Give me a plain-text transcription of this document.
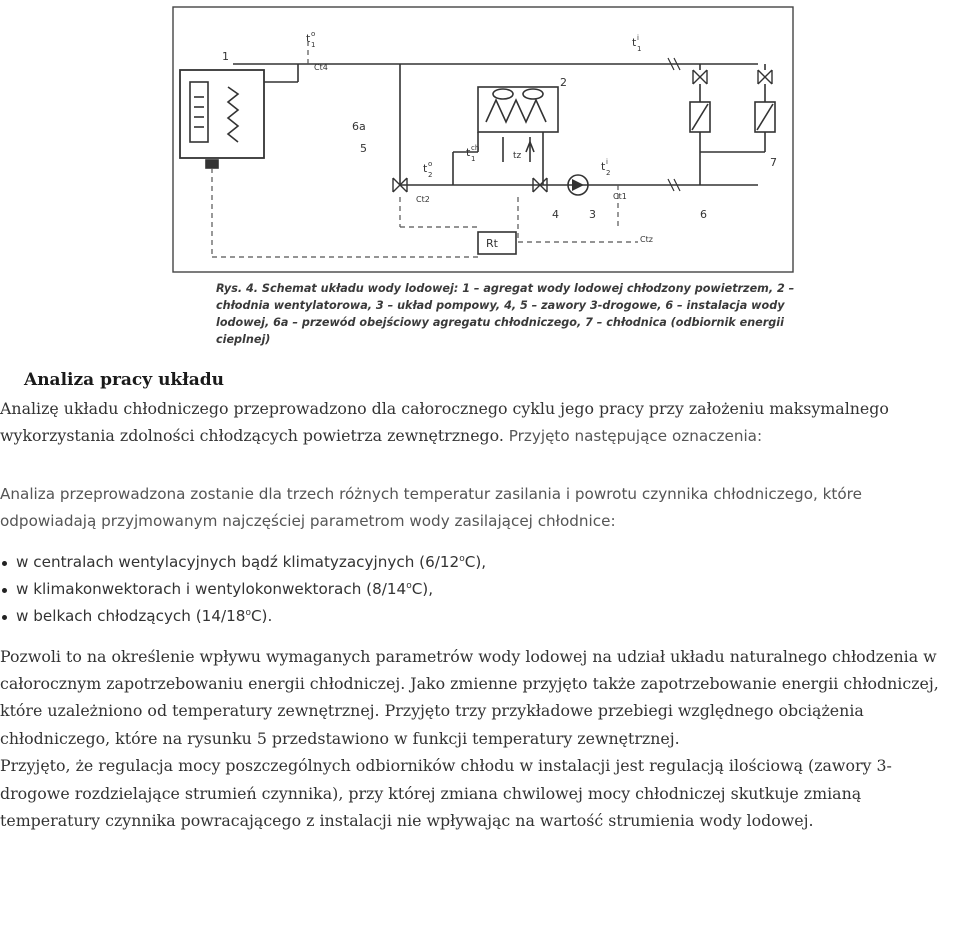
1
2
3
4
5
6
6a
7
Ct4
Ct2	Ct1
Ctz
Rt
tz
t o
1	t i
1
t o
2
t i
2
t ch
1

Rys. 4. Schemat układu wody lodowej: 1 – agregat wody lodowej chłodzony powietrzem, 2 – chłodnia wentylatorowa, 3 – układ pompowy, 4, 5 – zawory 3-drogowe, 6 – instalacja wody lodowej, 6a – przewód obejściowy agregatu chłodniczego, 7 – chłodnica (odbiornik energii cieplnej)

Analiza pracy układu

Analizę układu chłodniczego przeprowadzono dla całorocznego cyklu jego pracy przy założeniu maksymalnego wykorzystania zdolności chłodzących powietrza zewnętrznego. Przyjęto następujące oznaczenia:

Analiza przeprowadzona zostanie dla trzech różnych temperatur zasilania i powrotu czynnika chłodniczego, które odpowiadają przyjmowanym najczęściej parametrom wody zasilającej chłodnice:

w centralach wentylacyjnych bądź klimatyzacyjnych (6/12$^o$C),
w klimakonwektorach i wentylokonwektorach (8/14$^o$C),
w belkach chłodzących (14/18$^o$C).

Pozwoli to na określenie wpływu wymaganych parametrów wody lodowej na udział układu naturalnego chłodzenia w całorocznym zapotrzebowaniu energii chłodniczej. Jako zmienne przyjęto także zapotrzebowanie energii chłodniczej, które uzależniono od temperatury zewnętrznej. Przyjęto trzy przykładowe przebiegi względnego obciążenia chłodniczego, które na rysunku 5 przedstawiono w funkcji temperatury zewnętrznej.

Przyjęto, że regulacja mocy poszczególnych odbiorników chłodu w instalacji jest regulacją ilościową (zawory 3-drogowe rozdzielające strumień czynnika), przy której zmiana chwilowej mocy chłodniczej skutkuje zmianą temperatury czynnika powracającego z instalacji nie wpływając na wartość strumienia wody lodowej.
